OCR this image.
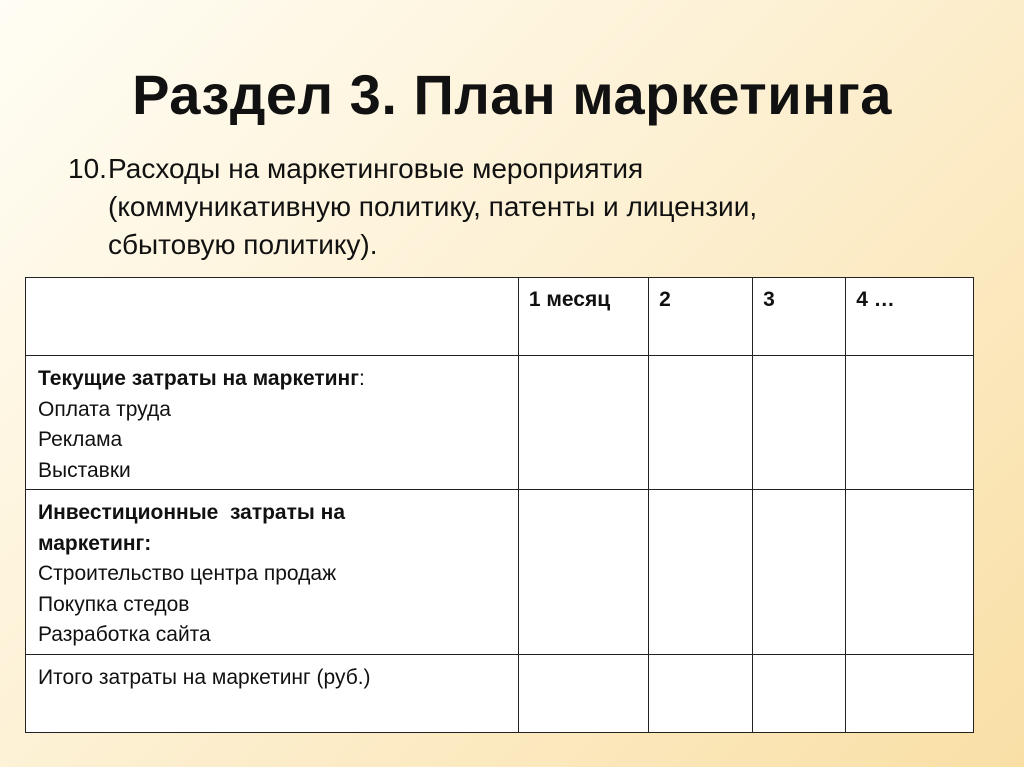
Раздел 3. План маркетинга
10.Расходы на маркетинговые мероприятия
(коммуникативную политику, патенты и лицензии,
сбытовую политику).

	1 месяц	2	3	4 …

Текущие затраты на маркетинг:
Оплата труда
Реклама
Выставки				

Инвестиционные  затраты на
маркетинг:
Строительство центра продаж
Покупка стедов
Разработка сайта				

Итого затраты на маркетинг (руб.)				
